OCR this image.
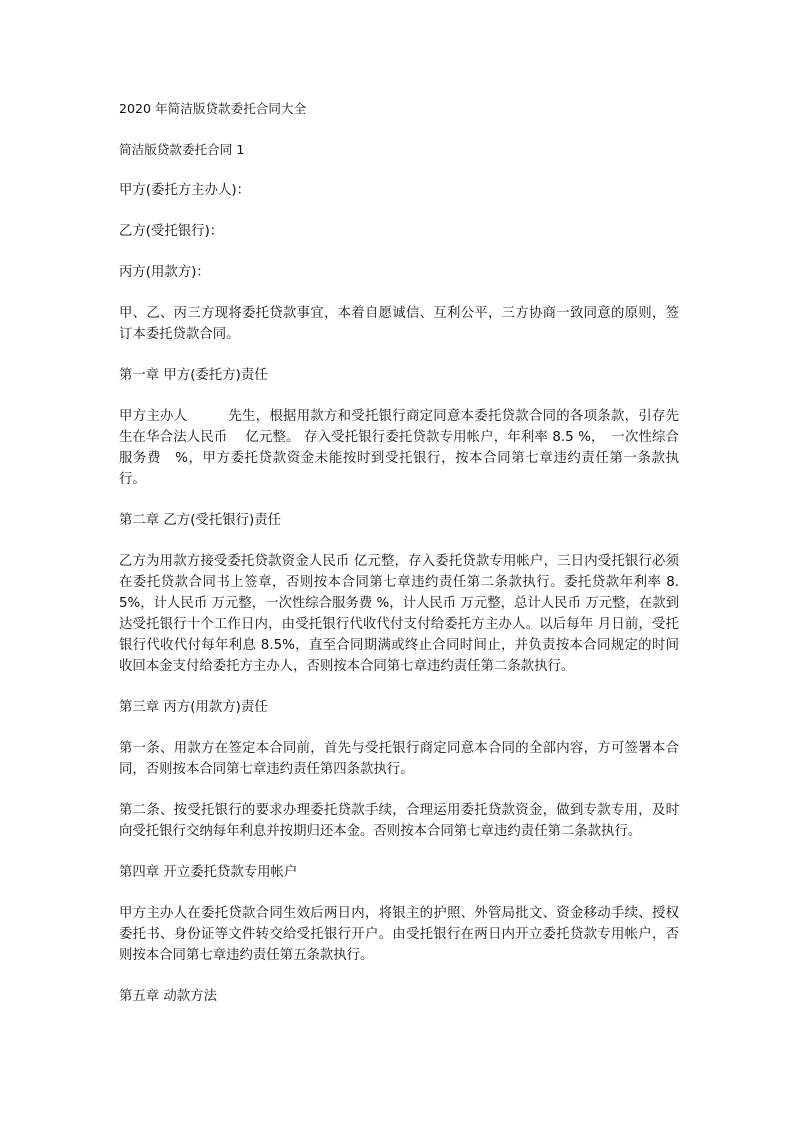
2020 年简洁版贷款委托合同大全

简洁版贷款委托合同 1

甲方(委托方主办人)：

乙方(受托银行)：

丙方(用款方)：

甲、乙、丙三方现将委托贷款事宜，本着自愿诚信、互利公平，三方协商一致同意的原则，签订本委托贷款合同。

第一章 甲方(委托方)责任

甲方主办人　　　先生，根据用款方和受托银行商定同意本委托贷款合同的各项条款，引存先生在华合法人民币　 亿元整。 存入受托银行委托贷款专用帐户，年利率 8.5 %，　一次性综合服务费　%，甲方委托贷款资金未能按时到受托银行，按本合同第七章违约责任第一条款执行。

第二章 乙方(受托银行)责任

乙方为用款方接受委托贷款资金人民币 亿元整，存入委托贷款专用帐户，三日内受托银行必须在委托贷款合同书上签章，否则按本合同第七章违约责任第二条款执行。委托贷款年利率 8.5%，计人民币 万元整，一次性综合服务费 %，计人民币 万元整，总计人民币 万元整，在款到达受托银行十个工作日内，由受托银行代收代付支付给委托方主办人。以后每年 月日前，受托银行代收代付每年利息 8.5%，直至合同期满或终止合同时间止，并负责按本合同规定的时间收回本金支付给委托方主办人，否则按本合同第七章违约责任第二条款执行。

第三章 丙方(用款方)责任

第一条、用款方在签定本合同前，首先与受托银行商定同意本合同的全部内容，方可签署本合同，否则按本合同第七章违约责任第四条款执行。

第二条、按受托银行的要求办理委托贷款手续，合理运用委托贷款资金，做到专款专用，及时向受托银行交纳每年利息并按期归还本金。否则按本合同第七章违约责任第二条款执行。

第四章 开立委托贷款专用帐户

甲方主办人在委托贷款合同生效后两日内，将银主的护照、外管局批文、资金移动手续、授权委托书、身份证等文件转交给受托银行开户。由受托银行在两日内开立委托贷款专用帐户，否则按本合同第七章违约责任第五条款执行。

第五章 动款方法
